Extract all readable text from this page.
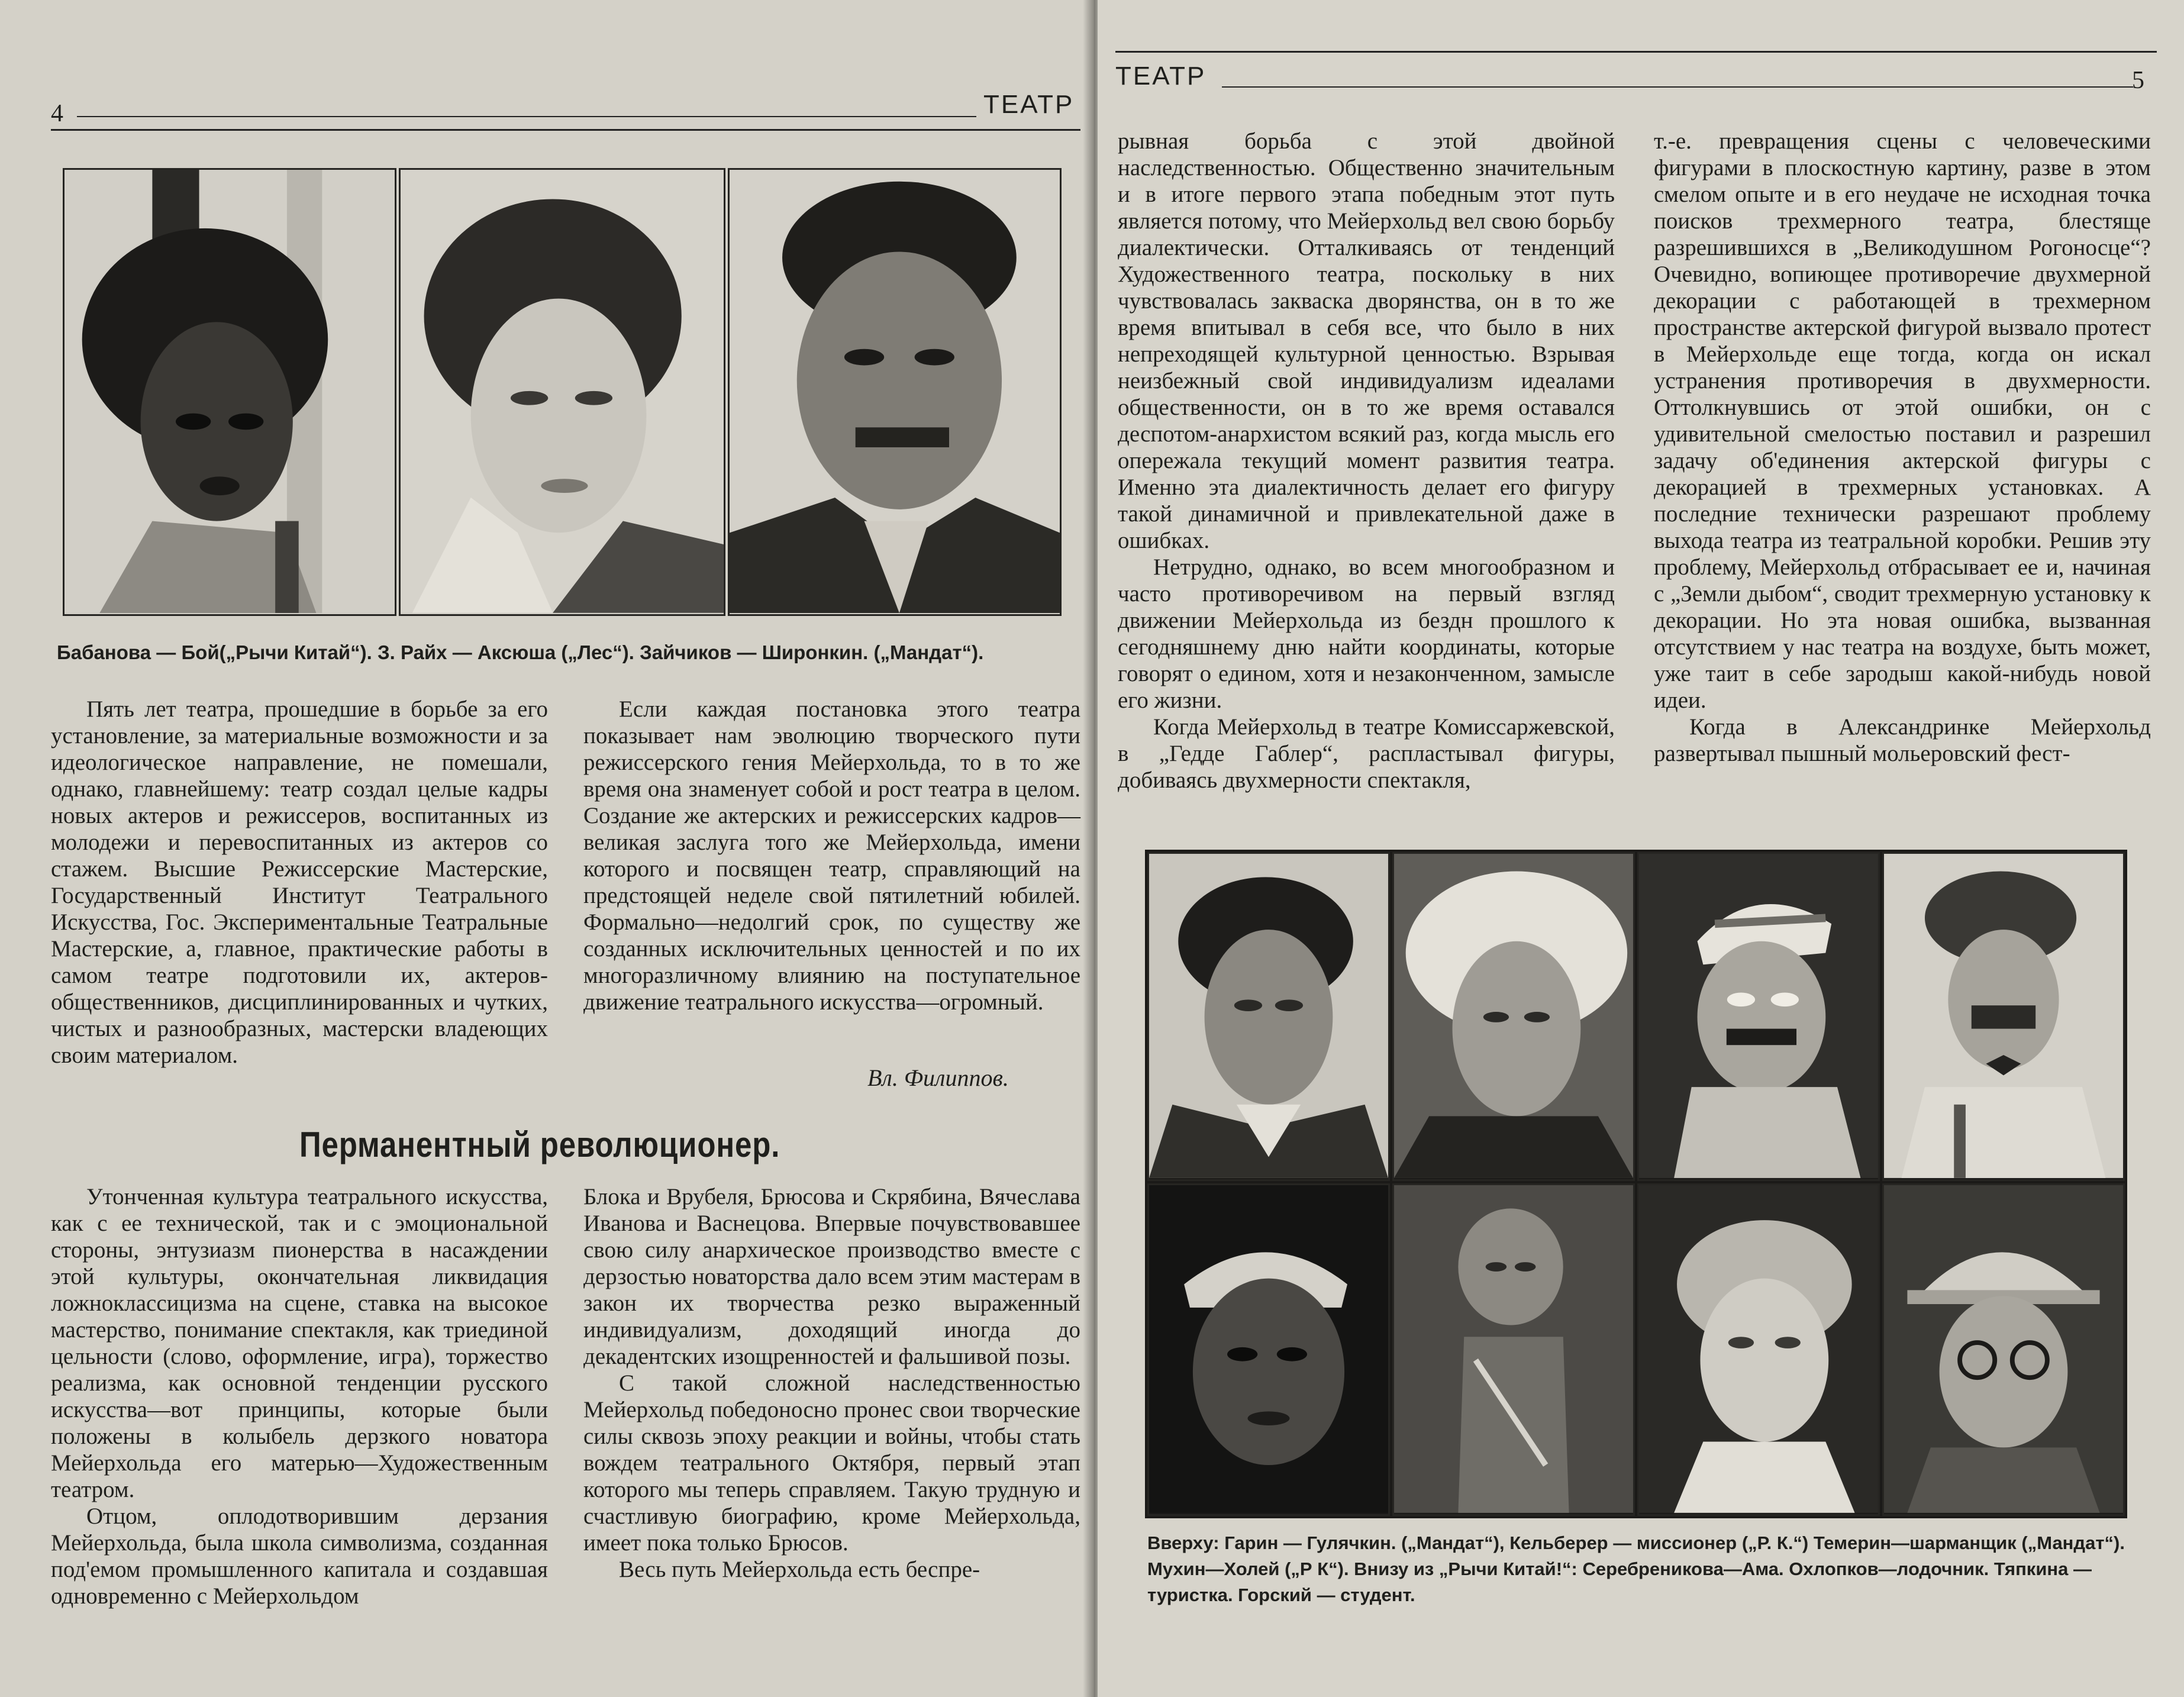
4	ТЕАТР
Бабанова — Бой(„Рычи Китай“). З. Райх — Аксюша („Лес“). Зайчиков — Широнкин. („Мандат“).

Пять лет театра, прошедшие в борьбе за его установление, за материальные возможности и за идеологическое направление, не помешали, однако, главнейшему: театр создал целые кадры новых актеров и режиссеров, воспитанных из молодежи и перевоспитанных из актеров со стажем. Высшие Режиссерские Мастерские, Государственный Институт Театрального Искусства, Гос. Экспериментальные Театральные Мастерские, а, главное, практические работы в самом театре подготовили их, актеров-общественников, дисциплинированных и чутких, чистых и разнообразных, мастерски владеющих своим материалом.

Если каждая постановка этого театра показывает нам эволюцию творческого пути режиссерского гения Мейерхольда, то в то же время она знаменует собой и рост театра в целом. Создание же актерских и режиссерских кадров—великая заслуга того же Мейерхольда, имени которого и посвящен театр, справляющий на предстоящей неделе свой пятилетний юбилей. Формально—недолгий срок, по существу же созданных исключительных ценностей и по их многоразличному влиянию на поступательное движение театрального искусства—огромный.

Вл. Филиппов.
Перманентный революционер.

Утонченная культура театрального искусства, как с ее технической, так и с эмоциональной стороны, энтузиазм пионерства в насаждении этой культуры, окончательная ликвидация ложноклассицизма на сцене, ставка на высокое мастерство, понимание спектакля, как триединой цельности (слово, оформление, игра), торжество реализма, как основной тенденции русского искусства—вот принципы, которые были положены в колыбель дерзкого новатора Мейерхольда его матерью—Художественным театром.

Отцом, оплодотворившим дерзания Мейерхольда, была школа символизма, созданная под'емом промышленного капитала и создавшая одновременно с Мейерхольдом

Блока и Врубеля, Брюсова и Скрябина, Вячеслава Иванова и Васнецова. Впервые почувствовавшее свою силу анархическое производство вместе с дерзостью новаторства дало всем этим мастерам в закон их творчества резко выраженный индивидуализм, доходящий иногда до декадентских изощренностей и фальшивой позы.

С такой сложной наследственностью Мейерхольд победоносно пронес свои творческие силы сквозь эпоху реакции и войны, чтобы стать вождем театрального Октября, первый этап которого мы теперь справляем. Такую трудную и счастливую биографию, кроме Мейерхольда, имеет пока только Брюсов.

Весь путь Мейерхольда есть беспре-

ТЕАТР	5

рывная борьба с этой двойной наследственностью. Общественно значительным и в итоге первого этапа победным этот путь является потому, что Мейерхольд вел свою борьбу диалектически. Отталкиваясь от тенденций Художественного театра, поскольку в них чувствовалась закваска дворянства, он в то же время впитывал в себя все, что было в них непреходящей культурной ценностью. Взрывая неизбежный свой индивидуализм идеалами общественности, он в то же время оставался деспотом-анархистом всякий раз, когда мысль его опережала текущий момент развития театра. Именно эта диалектичность делает его фигуру такой динамичной и привлекательной даже в ошибках.

Нетрудно, однако, во всем многообразном и часто противоречивом на первый взгляд движении Мейерхольда из бездн прошлого к сегодняшнему дню найти координаты, которые говорят о едином, хотя и незаконченном, замысле его жизни.

Когда Мейерхольд в театре Комиссаржевской, в „Гедде Габлер“, распластывал фигуры, добиваясь двухмерности спектакля,

т.-е. превращения сцены с человеческими фигурами в плоскостную картину, разве в этом смелом опыте и в его неудаче не исходная точка поисков трехмерного театра, блестяще разрешившихся в „Великодушном Рогоносце“? Очевидно, вопиющее противоречие двухмерной декорации с работающей в трехмерном пространстве актерской фигурой вызвало протест в Мейерхольде еще тогда, когда он искал устранения противоречия в двухмерности. Оттолкнувшись от этой ошибки, он с удивительной смелостью поставил и разрешил задачу об'единения актерской фигуры с декорацией в трехмерных установках. А последние технически разрешают проблему выхода театра из театральной коробки. Решив эту проблему, Мейерхольд отбрасывает ее и, начиная с „Земли дыбом“, сводит трехмерную установку к декорации. Но эта новая ошибка, вызванная отсутствием у нас театра на воздухе, быть может, уже таит в себе зародыш какой-нибудь новой идеи.

Когда в Александринке Мейерхольд развертывал пышный мольеровский фест-

Вверху: Гарин — Гулячкин. („Мандат“), Кельберер — миссионер („Р. К.“) Темерин—шарманщик („Мандат“). Мухин—Холей („Р К“). Внизу из „Рычи Китай!“: Серебреникова—Ама. Охлопков—лодочник. Тяпкина — туристка. Горский — студент.
